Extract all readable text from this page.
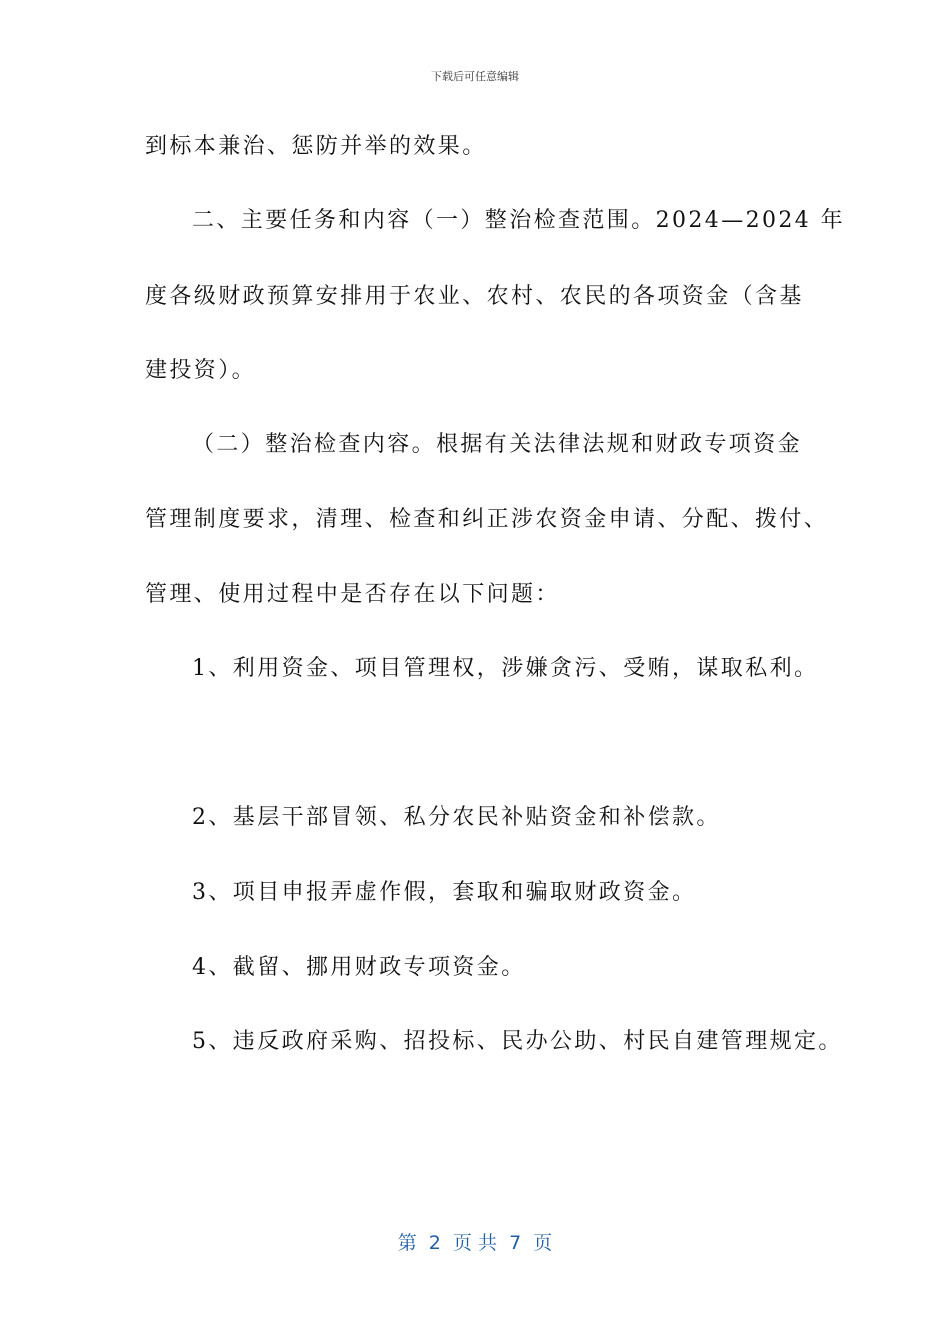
下载后可任意编辑
到标本兼治、惩防并举的效果。
二、主要任务和内容（一）整治检查范围。2024—2024 年
度各级财政预算安排用于农业、农村、农民的各项资金（含基
建投资）。
（二）整治检查内容。根据有关法律法规和财政专项资金
管理制度要求，清理、检查和纠正涉农资金申请、分配、拨付、
管理、使用过程中是否存在以下问题：
1、利用资金、项目管理权，涉嫌贪污、受贿，谋取私利。
2、基层干部冒领、私分农民补贴资金和补偿款。
3、项目申报弄虚作假，套取和骗取财政资金。
4、截留、挪用财政专项资金。
5、违反政府采购、招投标、民办公助、村民自建管理规定。
第  2  页 共  7  页
